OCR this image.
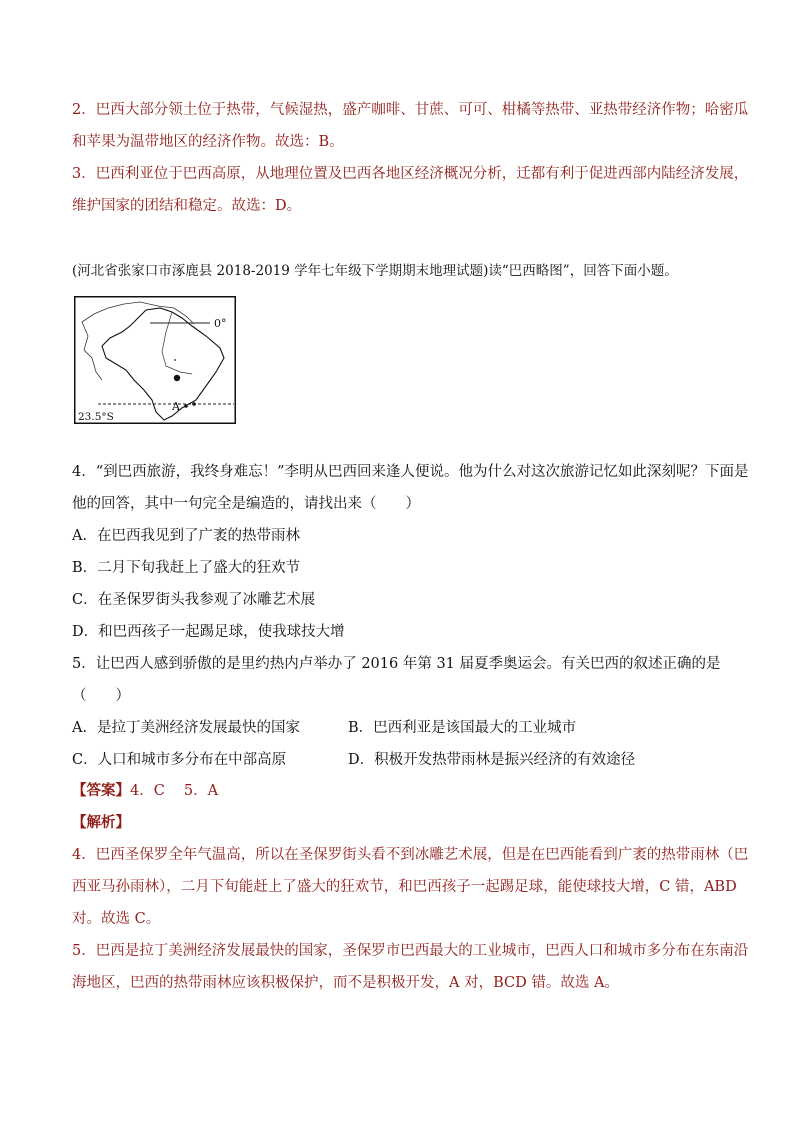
2．巴西大部分领土位于热带，气候湿热，盛产咖啡、甘蔗、可可、柑橘等热带、亚热带经济作物；哈密瓜
和苹果为温带地区的经济作物。故选：B。
3．巴西利亚位于巴西高原，从地理位置及巴西各地区经济概况分析，迁都有利于促进西部内陆经济发展，
维护国家的团结和稳定。故选：D。
(河北省张家口市涿鹿县 2018-2019 学年七年级下学期期末地理试题)读“巴西略图”，回答下面小题。
A
0°
23.5°S
4．“到巴西旅游，我终身难忘！”李明从巴西回来逢人便说。他为什么对这次旅游记忆如此深刻呢？下面是
他的回答，其中一句完全是编造的，请找出来（　　）
A．在巴西我见到了广袤的热带雨林
B．二月下旬我赶上了盛大的狂欢节
C．在圣保罗街头我参观了冰雕艺术展
D．和巴西孩子一起踢足球，使我球技大增
5．让巴西人感到骄傲的是里约热内卢举办了 2016 年第 31 届夏季奥运会。有关巴西的叙述正确的是
（　　）
A．是拉丁美洲经济发展最快的国家	B．巴西利亚是该国最大的工业城市
C．人口和城市多分布在中部高原	D．积极开发热带雨林是振兴经济的有效途径
【答案】4．C　 5．A
【解析】
4．巴西圣保罗全年气温高，所以在圣保罗街头看不到冰雕艺术展，但是在巴西能看到广袤的热带雨林（巴
西亚马孙雨林），二月下旬能赶上了盛大的狂欢节，和巴西孩子一起踢足球，能使球技大增，C 错，ABD
对。故选 C。
5．巴西是拉丁美洲经济发展最快的国家，圣保罗市巴西最大的工业城市，巴西人口和城市多分布在东南沿
海地区，巴西的热带雨林应该积极保护，而不是积极开发，A 对，BCD 错。故选 A。
